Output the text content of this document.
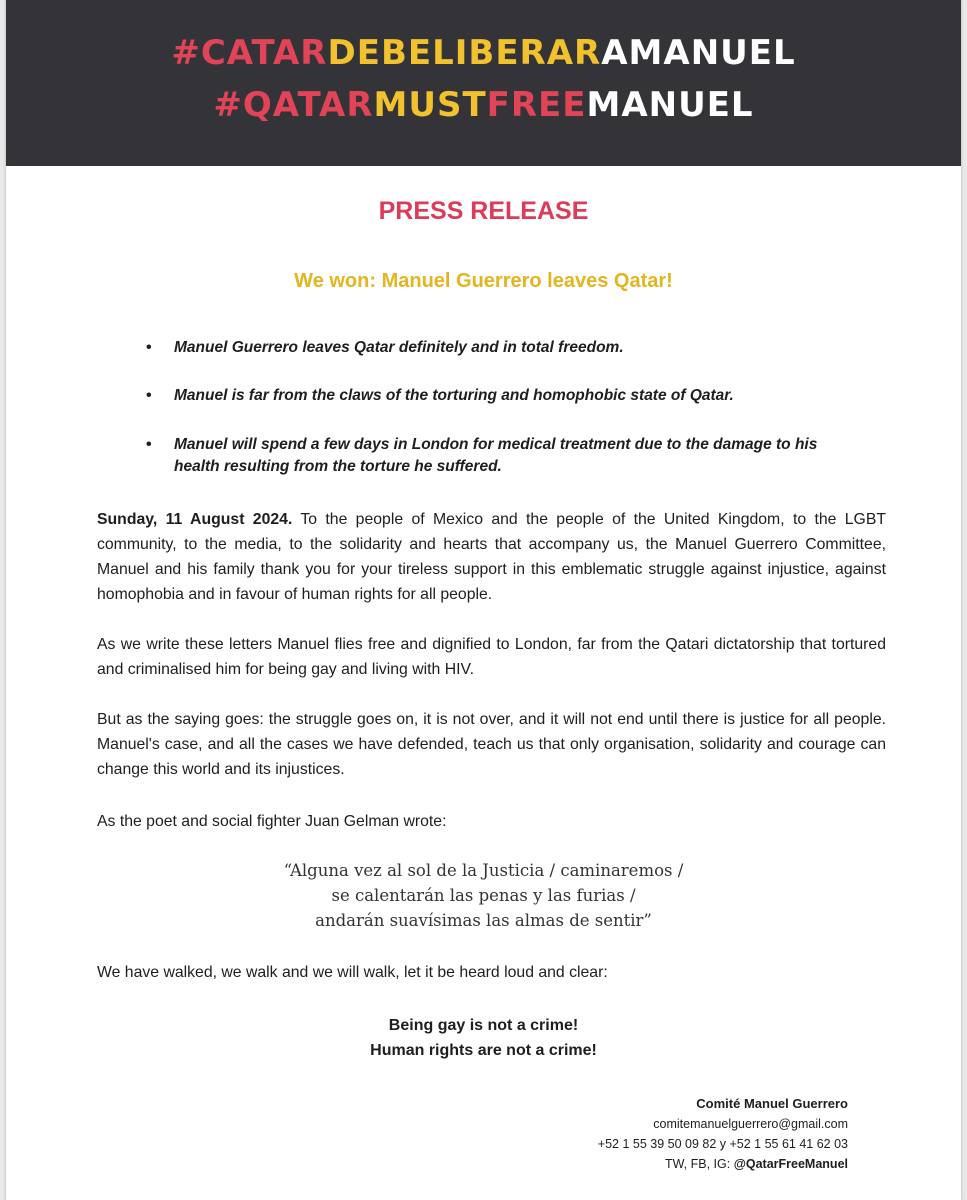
#CATARDEBELIBERARAMANUEL
#QATARMUSTFREEMANUEL
PRESS RELEASE
We won: Manuel Guerrero leaves Qatar!
• Manuel Guerrero leaves Qatar definitely and in total freedom.
• Manuel is far from the claws of the torturing and homophobic state of Qatar.
• Manuel will spend a few days in London for medical treatment due to the damage to his health resulting from the torture he suffered.
Sunday, 11 August 2024. To the people of Mexico and the people of the United Kingdom, to the LGBT community, to the media, to the solidarity and hearts that accompany us, the Manuel Guerrero Committee, Manuel and his family thank you for your tireless support in this emblematic struggle against injustice, against homophobia and in favour of human rights for all people.
As we write these letters Manuel flies free and dignified to London, far from the Qatari dictatorship that tortured and criminalised him for being gay and living with HIV.
But as the saying goes: the struggle goes on, it is not over, and it will not end until there is justice for all people. Manuel's case, and all the cases we have defended, teach us that only organisation, solidarity and courage can change this world and its injustices.
As the poet and social fighter Juan Gelman wrote:
“Alguna vez al sol de la Justicia / caminaremos /
se calentarán las penas y las furias /
andarán suavísimas las almas de sentir”
We have walked, we walk and we will walk, let it be heard loud and clear:
Being gay is not a crime!
Human rights are not a crime!
Comité Manuel Guerrero
comitemanuelguerrero@gmail.com
+52 1 55 39 50 09 82 y +52 1 55 61 41 62 03
TW, FB, IG: @QatarFreeManuel
